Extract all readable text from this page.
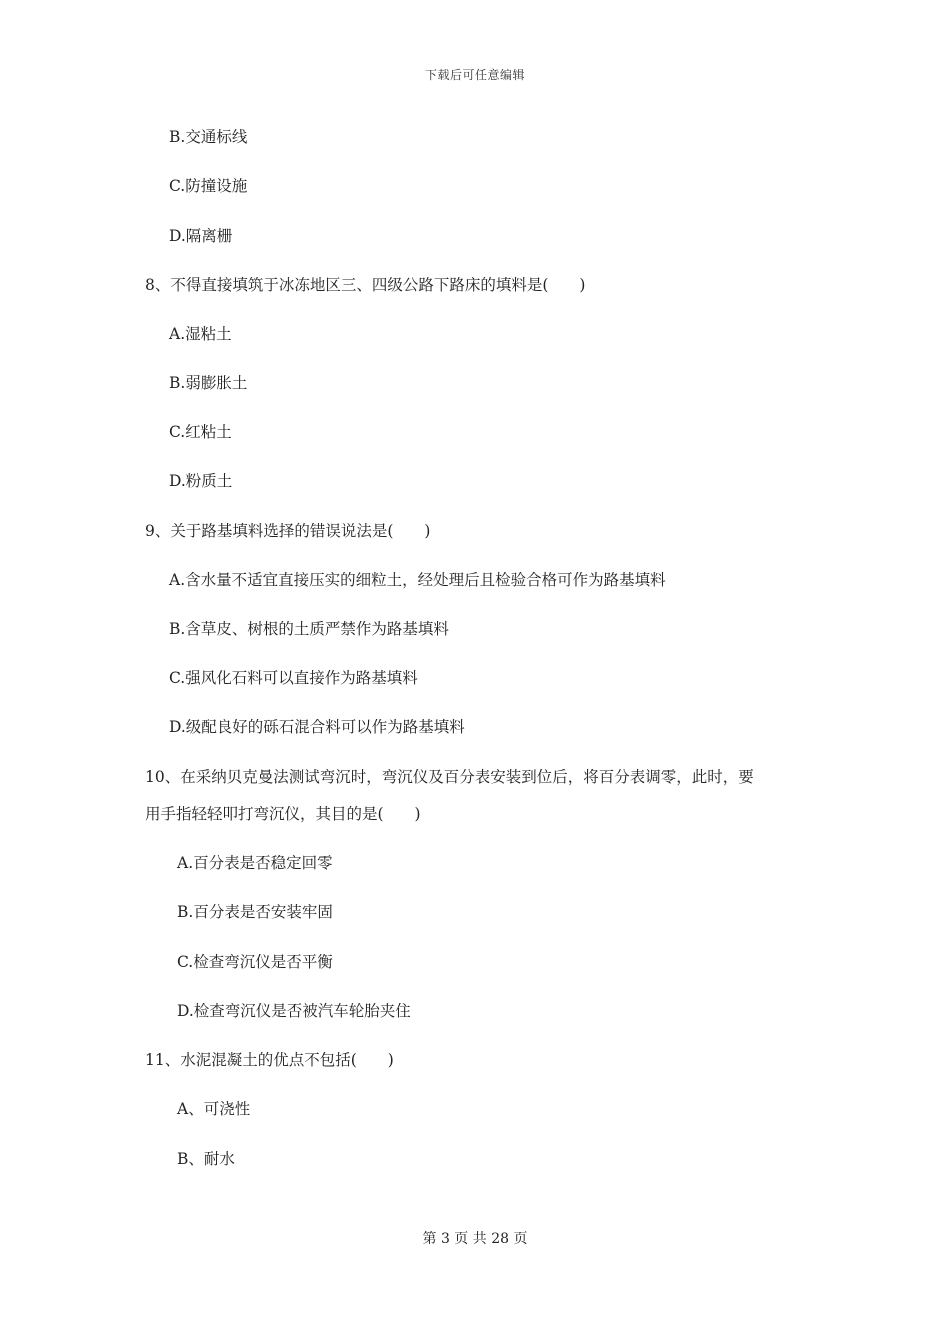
下载后可任意编辑
B.交通标线
C.防撞设施
D.隔离栅
8、不得直接填筑于冰冻地区三、四级公路下路床的填料是(　　)
A.湿粘土
B.弱膨胀土
C.红粘土
D.粉质土
9、关于路基填料选择的错误说法是(　　)
A.含水量不适宜直接压实的细粒土，经处理后且检验合格可作为路基填料
B.含草皮、树根的土质严禁作为路基填料
C.强风化石料可以直接作为路基填料
D.级配良好的砾石混合料可以作为路基填料
10、在采纳贝克曼法测试弯沉时，弯沉仪及百分表安装到位后，将百分表调零，此时，要
用手指轻轻叩打弯沉仪，其目的是(　　)
A.百分表是否稳定回零
B.百分表是否安装牢固
C.检查弯沉仪是否平衡
D.检查弯沉仪是否被汽车轮胎夹住
11、水泥混凝土的优点不包括(　　)
A、可浇性
B、耐水
第 3 页 共 28 页
